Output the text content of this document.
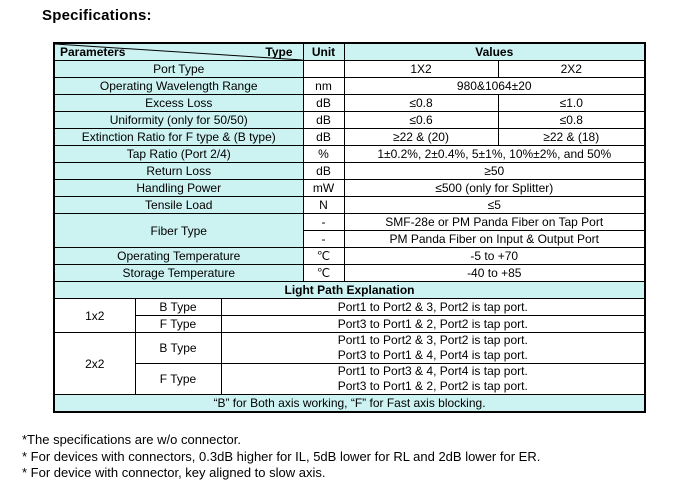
Specifications:
Type
Parameters			Unit	Values	
Port Type				1X2	2X2
Operating Wavelength Range			nm	980&1064±20	
Excess Loss			dB	≤0.8	≤1.0
Uniformity (only for 50/50)			dB	≤0.6	≤0.8
Extinction Ratio for F type & (B type)			dB	≥22 & (20)	≥22 & (18)
Tap Ratio (Port 2/4)			%	1±0.2%, 2±0.4%, 5±1%, 10%±2%, and 50%	
Return Loss			dB	≥50	
Handling Power			mW	≤500 (only for Splitter)	
Tensile Load			N	≤5	
Fiber Type			-	SMF-28e or PM Panda Fiber on Tap Port	
			-	PM Panda Fiber on Input & Output Port	
Operating Temperature			℃	-5 to +70	
Storage Temperature			℃	-40 to +85	
Light Path Explanation					
1x2	B Type	Port1 to Port2 & 3, Port2 is tap port.			
	F Type	Port3 to Port1 & 2, Port2 is tap port.			
2x2	B Type	Port1 to Port2 & 3, Port2 is tap port.
Port3 to Port1 & 4, Port4 is tap port.			

	F Type	Port1 to Port3 & 4, Port4 is tap port.
Port3 to Port1 & 2, Port2 is tap port.			

“B” for Both axis working, “F” for Fast axis blocking.					
*The specifications are w/o connector.
* For devices with connectors, 0.3dB higher for IL, 5dB lower for RL and 2dB lower for ER.
* For device with connector, key aligned to slow axis.
